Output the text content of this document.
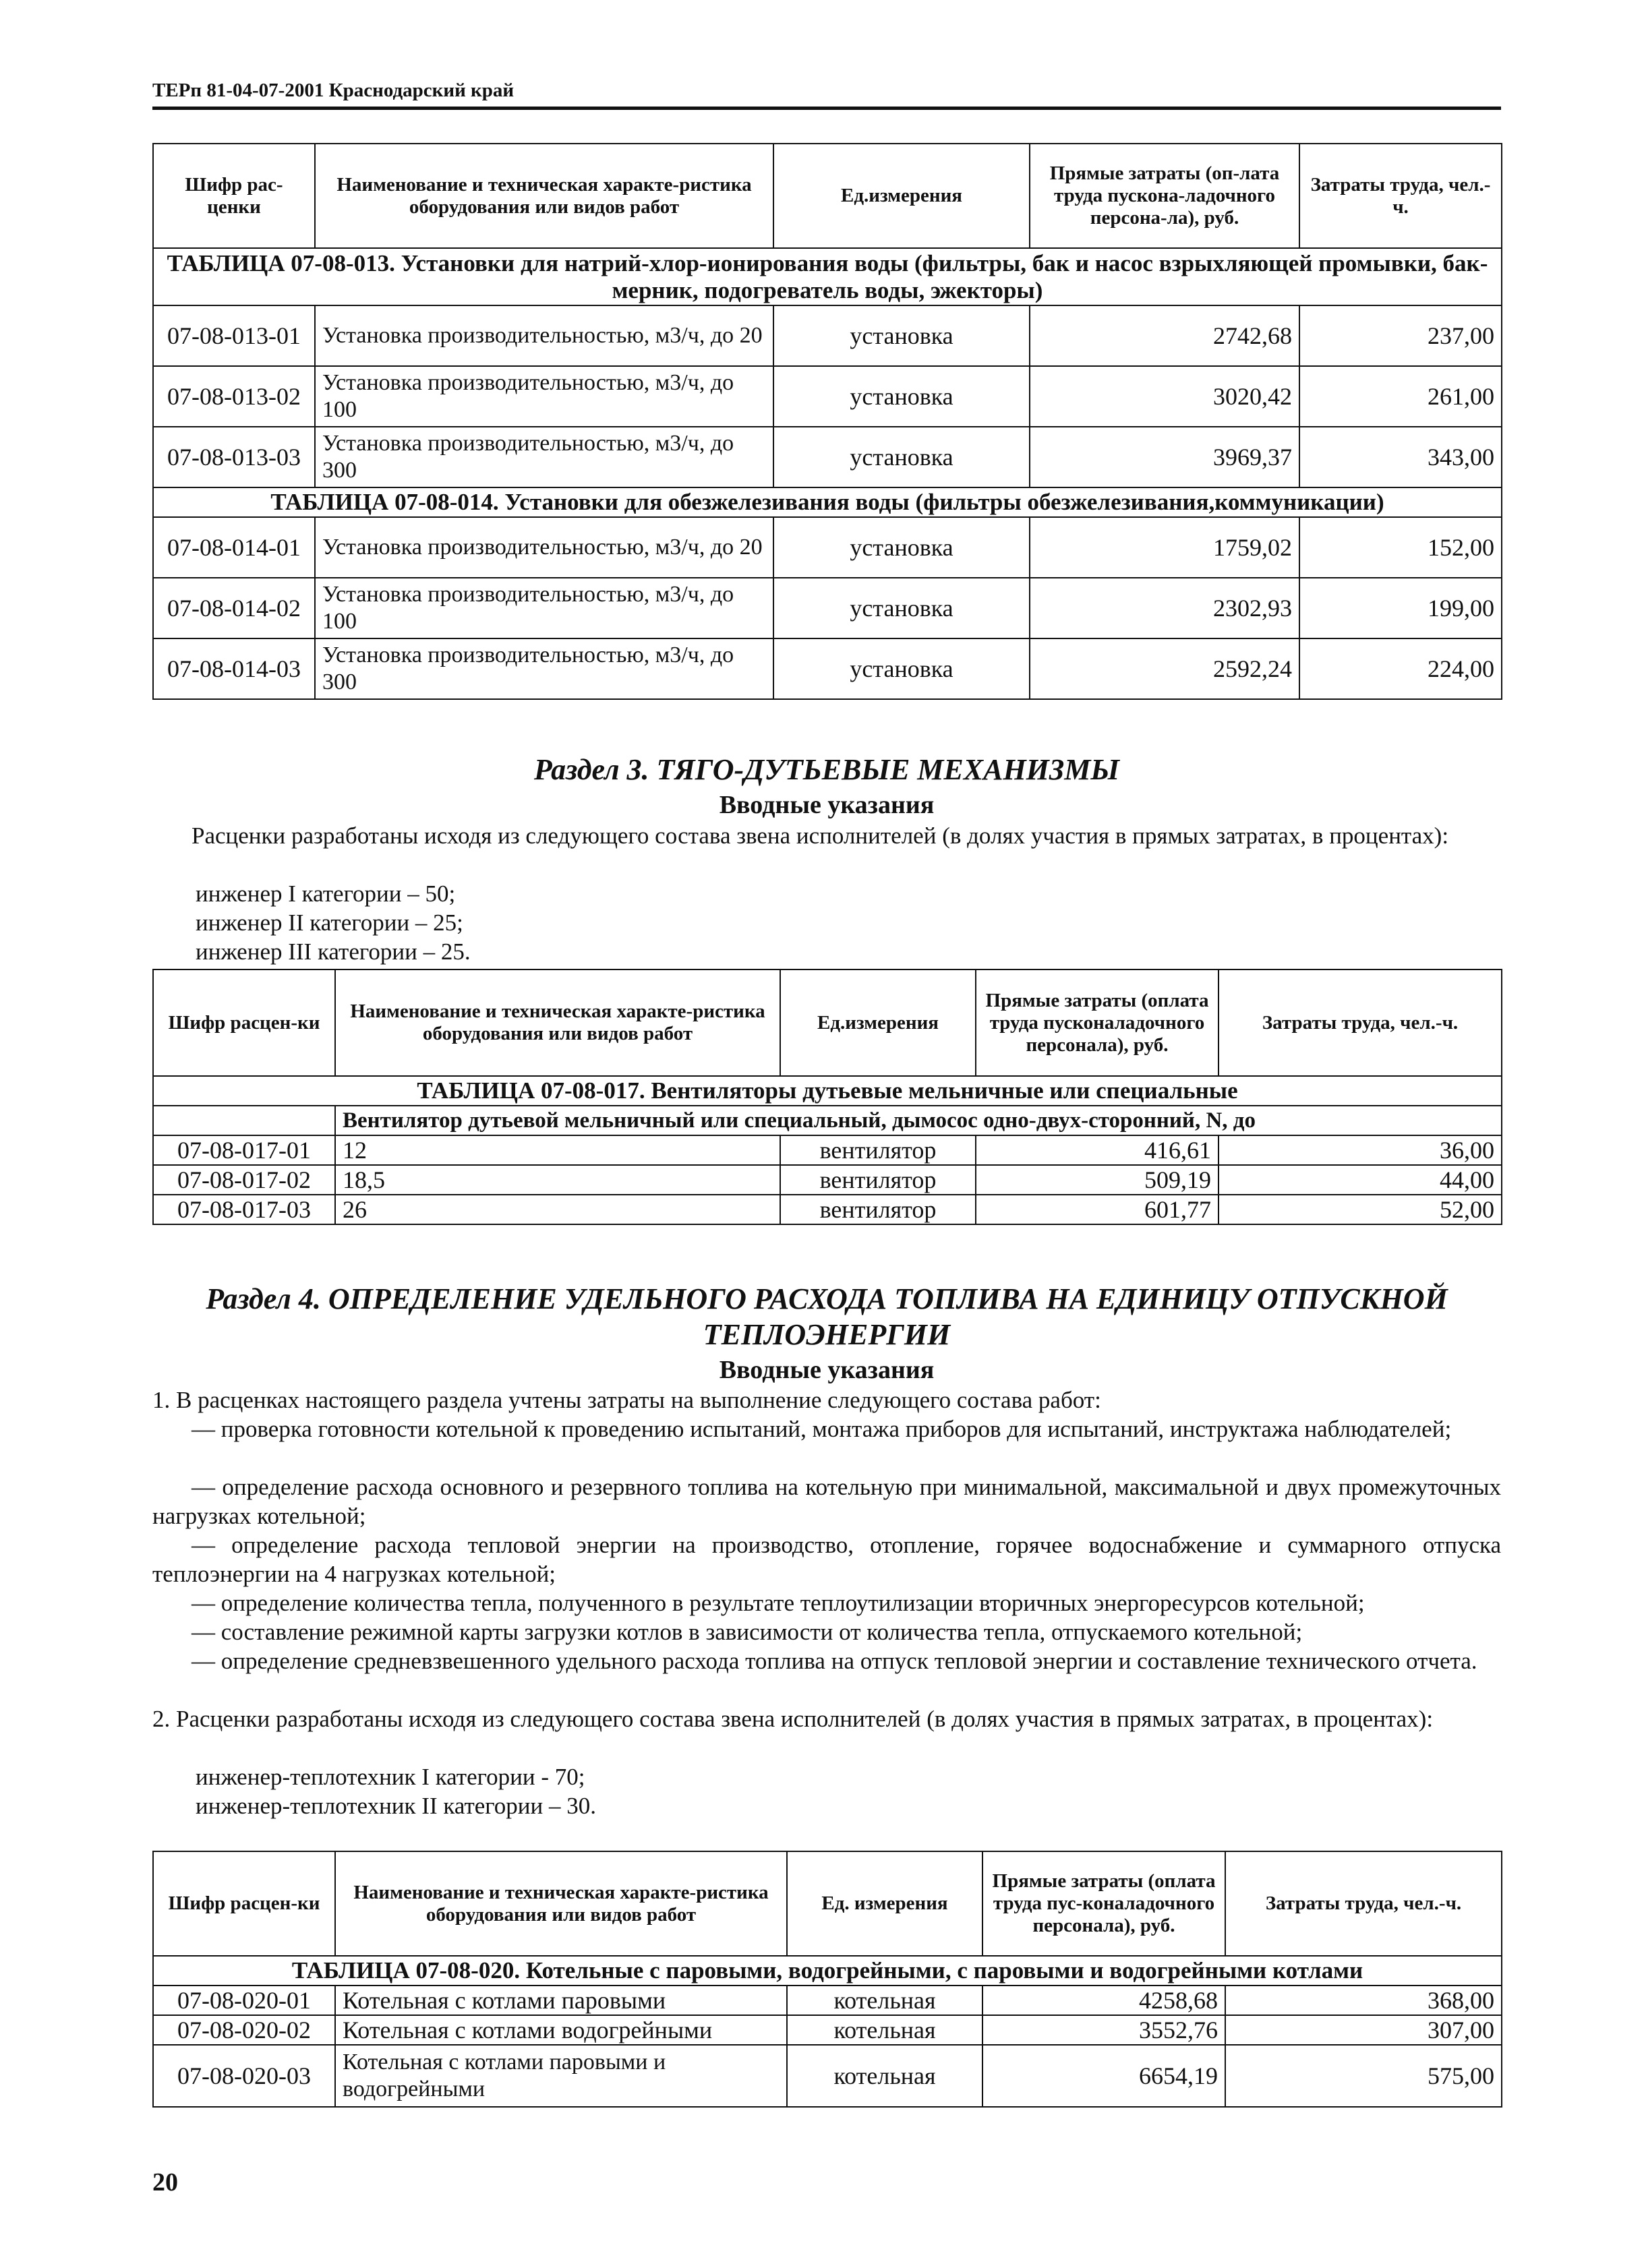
ТЕРп 81-04-07-2001 Краснодарский край
Шифр рас-ценки	Наименование и техническая характе-ристика оборудования или видов работ	Ед.измерения	Прямые затраты (оп-лата труда пускона-ладочного персона-ла), руб.	Затраты труда, чел.-ч.
ТАБЛИЦА 07-08-013. Установки для натрий-хлор-ионирования воды (фильтры, бак и насос взрыхляющей промывки, бак-мерник, подогреватель воды, эжекторы)				
07-08-013-01	Установка производительностью, м3/ч, до 20	установка	2742,68	237,00
07-08-013-02	Установка производительностью, м3/ч, до 100	установка	3020,42	261,00
07-08-013-03	Установка производительностью, м3/ч, до 300	установка	3969,37	343,00
ТАБЛИЦА 07-08-014. Установки для обезжелезивания воды (фильтры обезжелезивания,коммуникации)				
07-08-014-01	Установка производительностью, м3/ч, до 20	установка	1759,02	152,00
07-08-014-02	Установка производительностью, м3/ч, до 100	установка	2302,93	199,00
07-08-014-03	Установка производительностью, м3/ч, до 300	установка	2592,24	224,00
Раздел 3. ТЯГО-ДУТЬЕВЫЕ МЕХАНИЗМЫ
Вводные указания
Расценки разработаны исходя из следующего состава звена исполнителей (в долях участия в прямых затратах, в процентах):
инженер I категории – 50;
инженер II категории – 25;
инженер III категории – 25.
Шифр расцен-ки	Наименование и техническая характе-ристика оборудования или видов работ	Ед.измерения	Прямые затраты (оплата труда пусконаладочного персонала), руб.	Затраты труда, чел.-ч.
ТАБЛИЦА 07-08-017. Вентиляторы дутьевые мельничные или специальные				
	Вентилятор дутьевой мельничный или специальный, дымосос одно-двух-сторонний, N, до			
07-08-017-01	12	вентилятор	416,61	36,00
07-08-017-02	18,5	вентилятор	509,19	44,00
07-08-017-03	26	вентилятор	601,77	52,00
Раздел 4. ОПРЕДЕЛЕНИЕ УДЕЛЬНОГО РАСХОДА ТОПЛИВА НА ЕДИНИЦУ ОТПУСКНОЙ
ТЕПЛОЭНЕРГИИ
Вводные указания
1. В расценках настоящего раздела учтены затраты на выполнение следующего состава работ:
— проверка готовности котельной к проведению испытаний, монтажа приборов для испытаний, инструктажа наблюдателей;
— определение расхода основного и резервного топлива на котельную при минимальной, максимальной и двух промежуточных нагрузках котельной;
— определение расхода тепловой энергии на производство, отопление, горячее водоснабжение и суммарного отпуска теплоэнергии на 4 нагрузках котельной;
— определение количества тепла, полученного в результате теплоутилизации вторичных энергоресурсов котельной;
— составление режимной карты загрузки котлов в зависимости от количества тепла, отпускаемого котельной;
— определение средневзвешенного удельного расхода топлива на отпуск тепловой энергии и составление технического отчета.
2. Расценки разработаны исходя из следующего состава звена исполнителей (в долях участия в прямых затратах, в процентах):
инженер-теплотехник I категории - 70;
инженер-теплотехник II категории – 30.
Шифр расцен-ки	Наименование и техническая характе-ристика оборудования или видов работ	Ед. измерения	Прямые затраты (оплата труда пус-коналадочного персонала), руб.	Затраты труда, чел.-ч.
ТАБЛИЦА 07-08-020. Котельные с паровыми, водогрейными, с паровыми и водогрейными котлами				
07-08-020-01	Котельная с котлами паровыми	котельная	4258,68	368,00
07-08-020-02	Котельная с котлами водогрейными	котельная	3552,76	307,00
07-08-020-03	Котельная с котлами паровыми и водогрейными	котельная	6654,19	575,00
20
